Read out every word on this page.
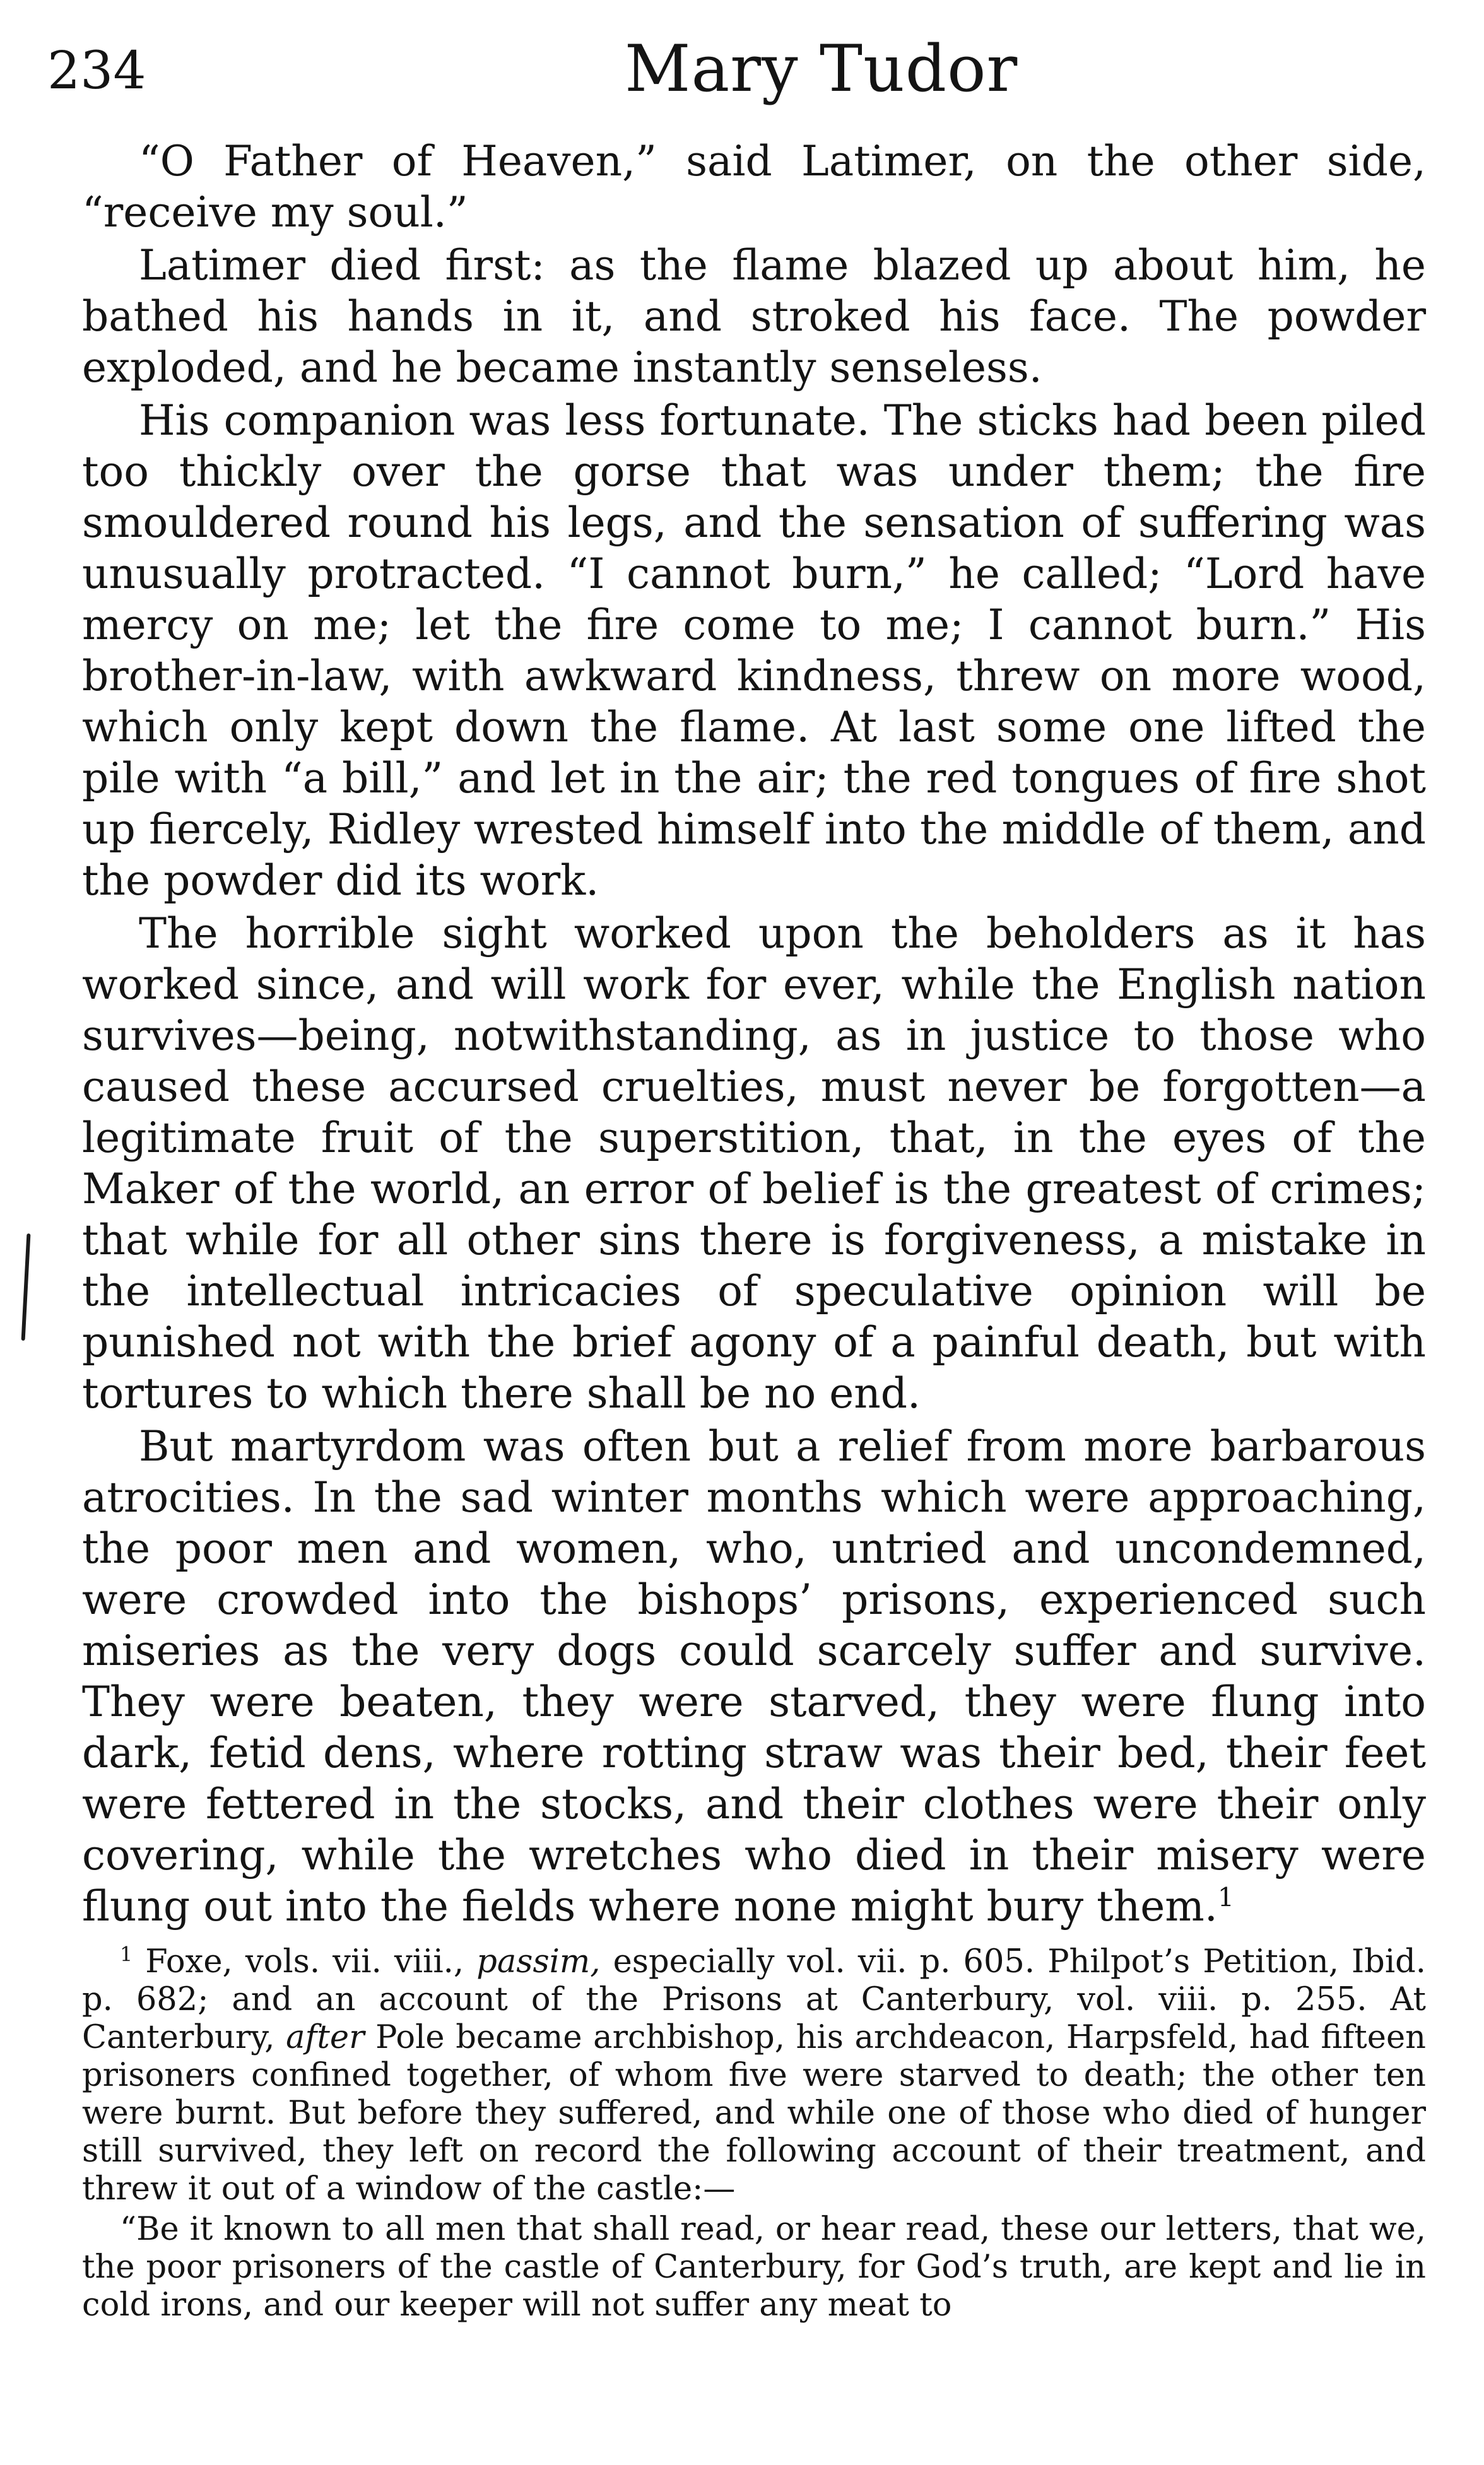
234	Mary Tudor

“O Father of Heaven,” said Latimer, on the other side, “receive my soul.”

Latimer died first: as the flame blazed up about him, he bathed his hands in it, and stroked his face. The powder exploded, and he became instantly senseless.

His companion was less fortunate. The sticks had been piled too thickly over the gorse that was under them; the fire smouldered round his legs, and the sensation of suffering was unusually protracted. “I cannot burn,” he called; “Lord have mercy on me; let the fire come to me; I cannot burn.” His brother-in-law, with awkward kindness, threw on more wood, which only kept down the flame. At last some one lifted the pile with “a bill,” and let in the air; the red tongues of fire shot up fiercely, Ridley wrested himself into the middle of them, and the powder did its work.

The horrible sight worked upon the beholders as it has worked since, and will work for ever, while the English nation survives—being, notwithstanding, as in justice to those who caused these accursed cruelties, must never be forgotten—a legitimate fruit of the superstition, that, in the eyes of the Maker of the world, an error of belief is the greatest of crimes; that while for all other sins there is forgiveness, a mistake in the intellectual intricacies of speculative opinion will be punished not with the brief agony of a painful death, but with tortures to which there shall be no end.

But martyrdom was often but a relief from more barbarous atrocities. In the sad winter months which were approaching, the poor men and women, who, untried and uncondemned, were crowded into the bishops’ prisons, experienced such miseries as the very dogs could scarcely suffer and survive. They were beaten, they were starved, they were flung into dark, fetid dens, where rotting straw was their bed, their feet were fettered in the stocks, and their clothes were their only covering, while the wretches who died in their misery were flung out into the fields where none might bury them.$^1$

$^1$ Foxe, vols. vii. viii., passim, especially vol. vii. p. 605. Philpot’s Petition, Ibid. p. 682; and an account of the Prisons at Canterbury, vol. viii. p. 255. At Canterbury, after Pole became archbishop, his archdeacon, Harpsfeld, had fifteen prisoners confined together, of whom five were starved to death; the other ten were burnt. But before they suffered, and while one of those who died of hunger still survived, they left on record the following account of their treatment, and threw it out of a window of the castle:—

“Be it known to all men that shall read, or hear read, these our letters, that we, the poor prisoners of the castle of Canterbury, for God’s truth, are kept and lie in cold irons, and our keeper will not suffer any meat to
